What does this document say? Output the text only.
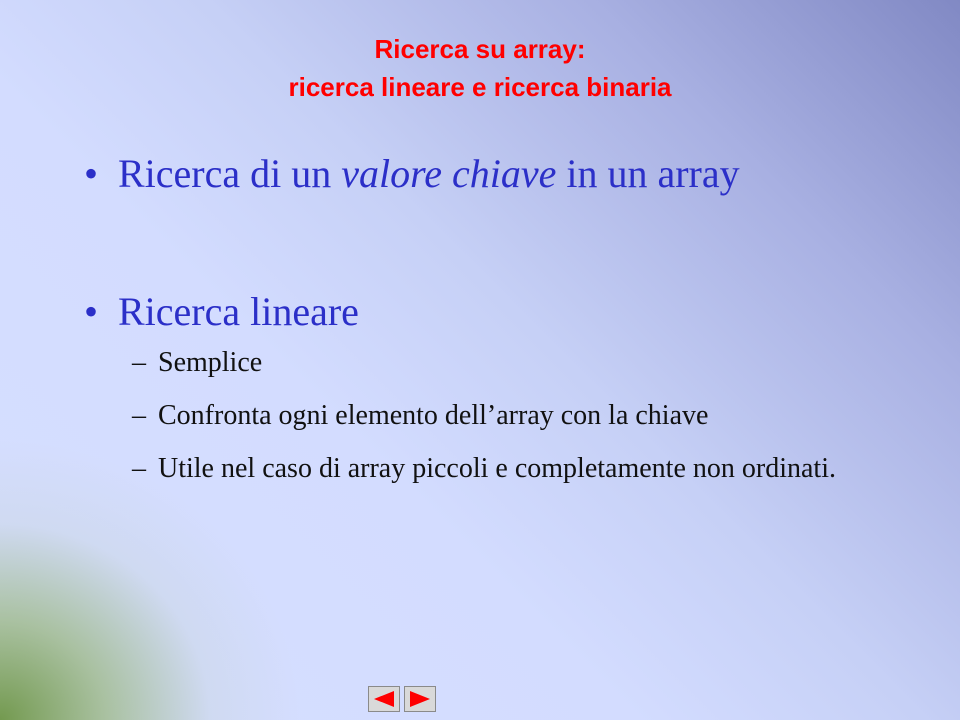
Ricerca su array:
ricerca lineare e ricerca binaria
• Ricerca di un valore chiave in un array
• Ricerca lineare
– Semplice
– Confronta ogni elemento dell’array con la chiave
– Utile nel caso di array piccoli e completamente non ordinati.
